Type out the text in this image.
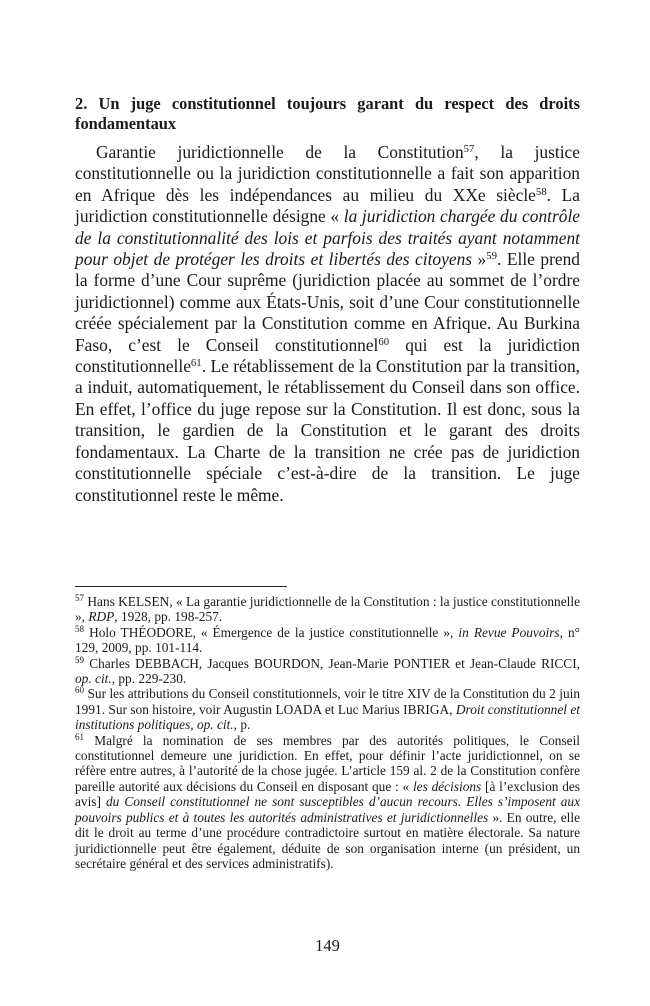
2. Un juge constitutionnel toujours garant du respect des droits fondamentaux

Garantie juridictionnelle de la Constitution$^{57}$, la justice constitutionnelle ou la juridiction constitutionnelle a fait son apparition en Afrique dès les indépendances au milieu du XXe siècle$^{58}$. La juridiction constitutionnelle désigne « la juridiction chargée du contrôle de la constitutionnalité des lois et parfois des traités ayant notamment pour objet de protéger les droits et libertés des citoyens »$^{59}$. Elle prend la forme d’une Cour suprême (juridiction placée au sommet de l’ordre juridictionnel) comme aux États-Unis, soit d’une Cour constitutionnelle créée spécialement par la Constitution comme en Afrique. Au Burkina Faso, c’est le Conseil constitutionnel$^{60}$ qui est la juridiction constitutionnelle$^{61}$. Le rétablissement de la Constitution par la transition, a induit, automatiquement, le rétablissement du Conseil dans son office. En effet, l’office du juge repose sur la Constitution. Il est donc, sous la transition, le gardien de la Constitution et le garant des droits fondamentaux. La Charte de la transition ne crée pas de juridiction constitutionnelle spéciale c’est-à-dire de la transition. Le juge constitutionnel reste le même.

$^{57}$ Hans KELSEN, « La garantie juridictionnelle de la Constitution : la justice constitutionnelle », RDP, 1928, pp. 198-257.

$^{58}$ Holo THÉODORE, « Émergence de la justice constitutionnelle », in Revue Pouvoirs, n° 129, 2009, pp. 101-114.

$^{59}$ Charles DEBBACH, Jacques BOURDON, Jean-Marie PONTIER et Jean-Claude RICCI, op. cit., pp. 229-230.

$^{60}$ Sur les attributions du Conseil constitutionnels, voir le titre XIV de la Constitution du 2 juin 1991. Sur son histoire, voir Augustin LOADA et Luc Marius IBRIGA, Droit constitutionnel et institutions politiques, op. cit., p.

$^{61}$ Malgré la nomination de ses membres par des autorités politiques, le Conseil constitutionnel demeure une juridiction. En effet, pour définir l’acte juridictionnel, on se réfère entre autres, à l’autorité de la chose jugée. L’article 159 al. 2 de la Constitution confère pareille autorité aux décisions du Conseil en disposant que : « les décisions [à l’exclusion des avis] du Conseil constitutionnel ne sont susceptibles d’aucun recours. Elles s’imposent aux pouvoirs publics et à toutes les autorités administratives et juridictionnelles ». En outre, elle dit le droit au terme d’une procédure contradictoire surtout en matière électorale. Sa nature juridictionnelle peut être également, déduite de son organisation interne (un président, un secrétaire général et des services administratifs).

149
